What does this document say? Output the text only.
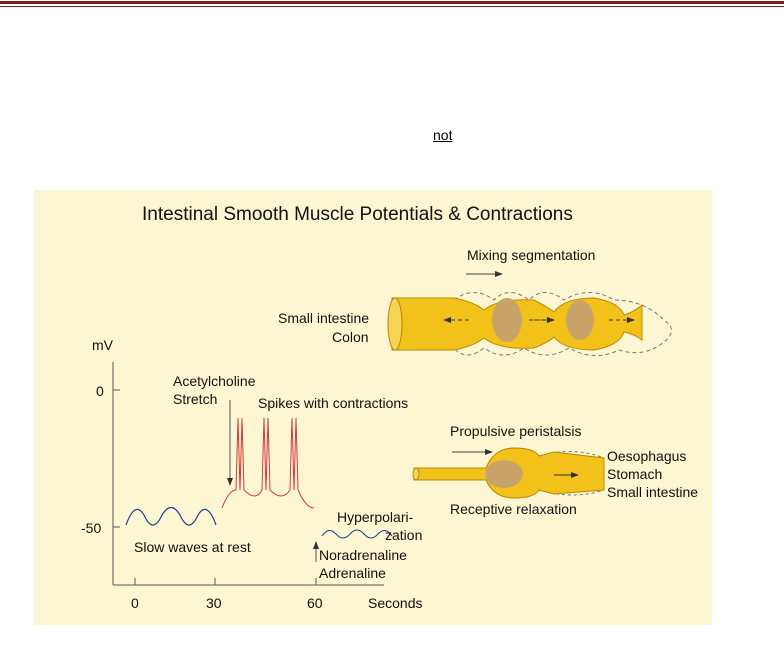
not
Intestinal Smooth Muscle Potentials & Contractions
Mixing segmentation
Small intestine
Colon
mV
0
-50
0	30	60	Seconds
Slow waves at rest
Acetylcholine
Stretch	Spikes with contractions
Hyperpolari-
zation
Noradrenaline
Adrenaline
Propulsive peristalsis
Oesophagus
Stomach
Small intestine
Receptive relaxation
